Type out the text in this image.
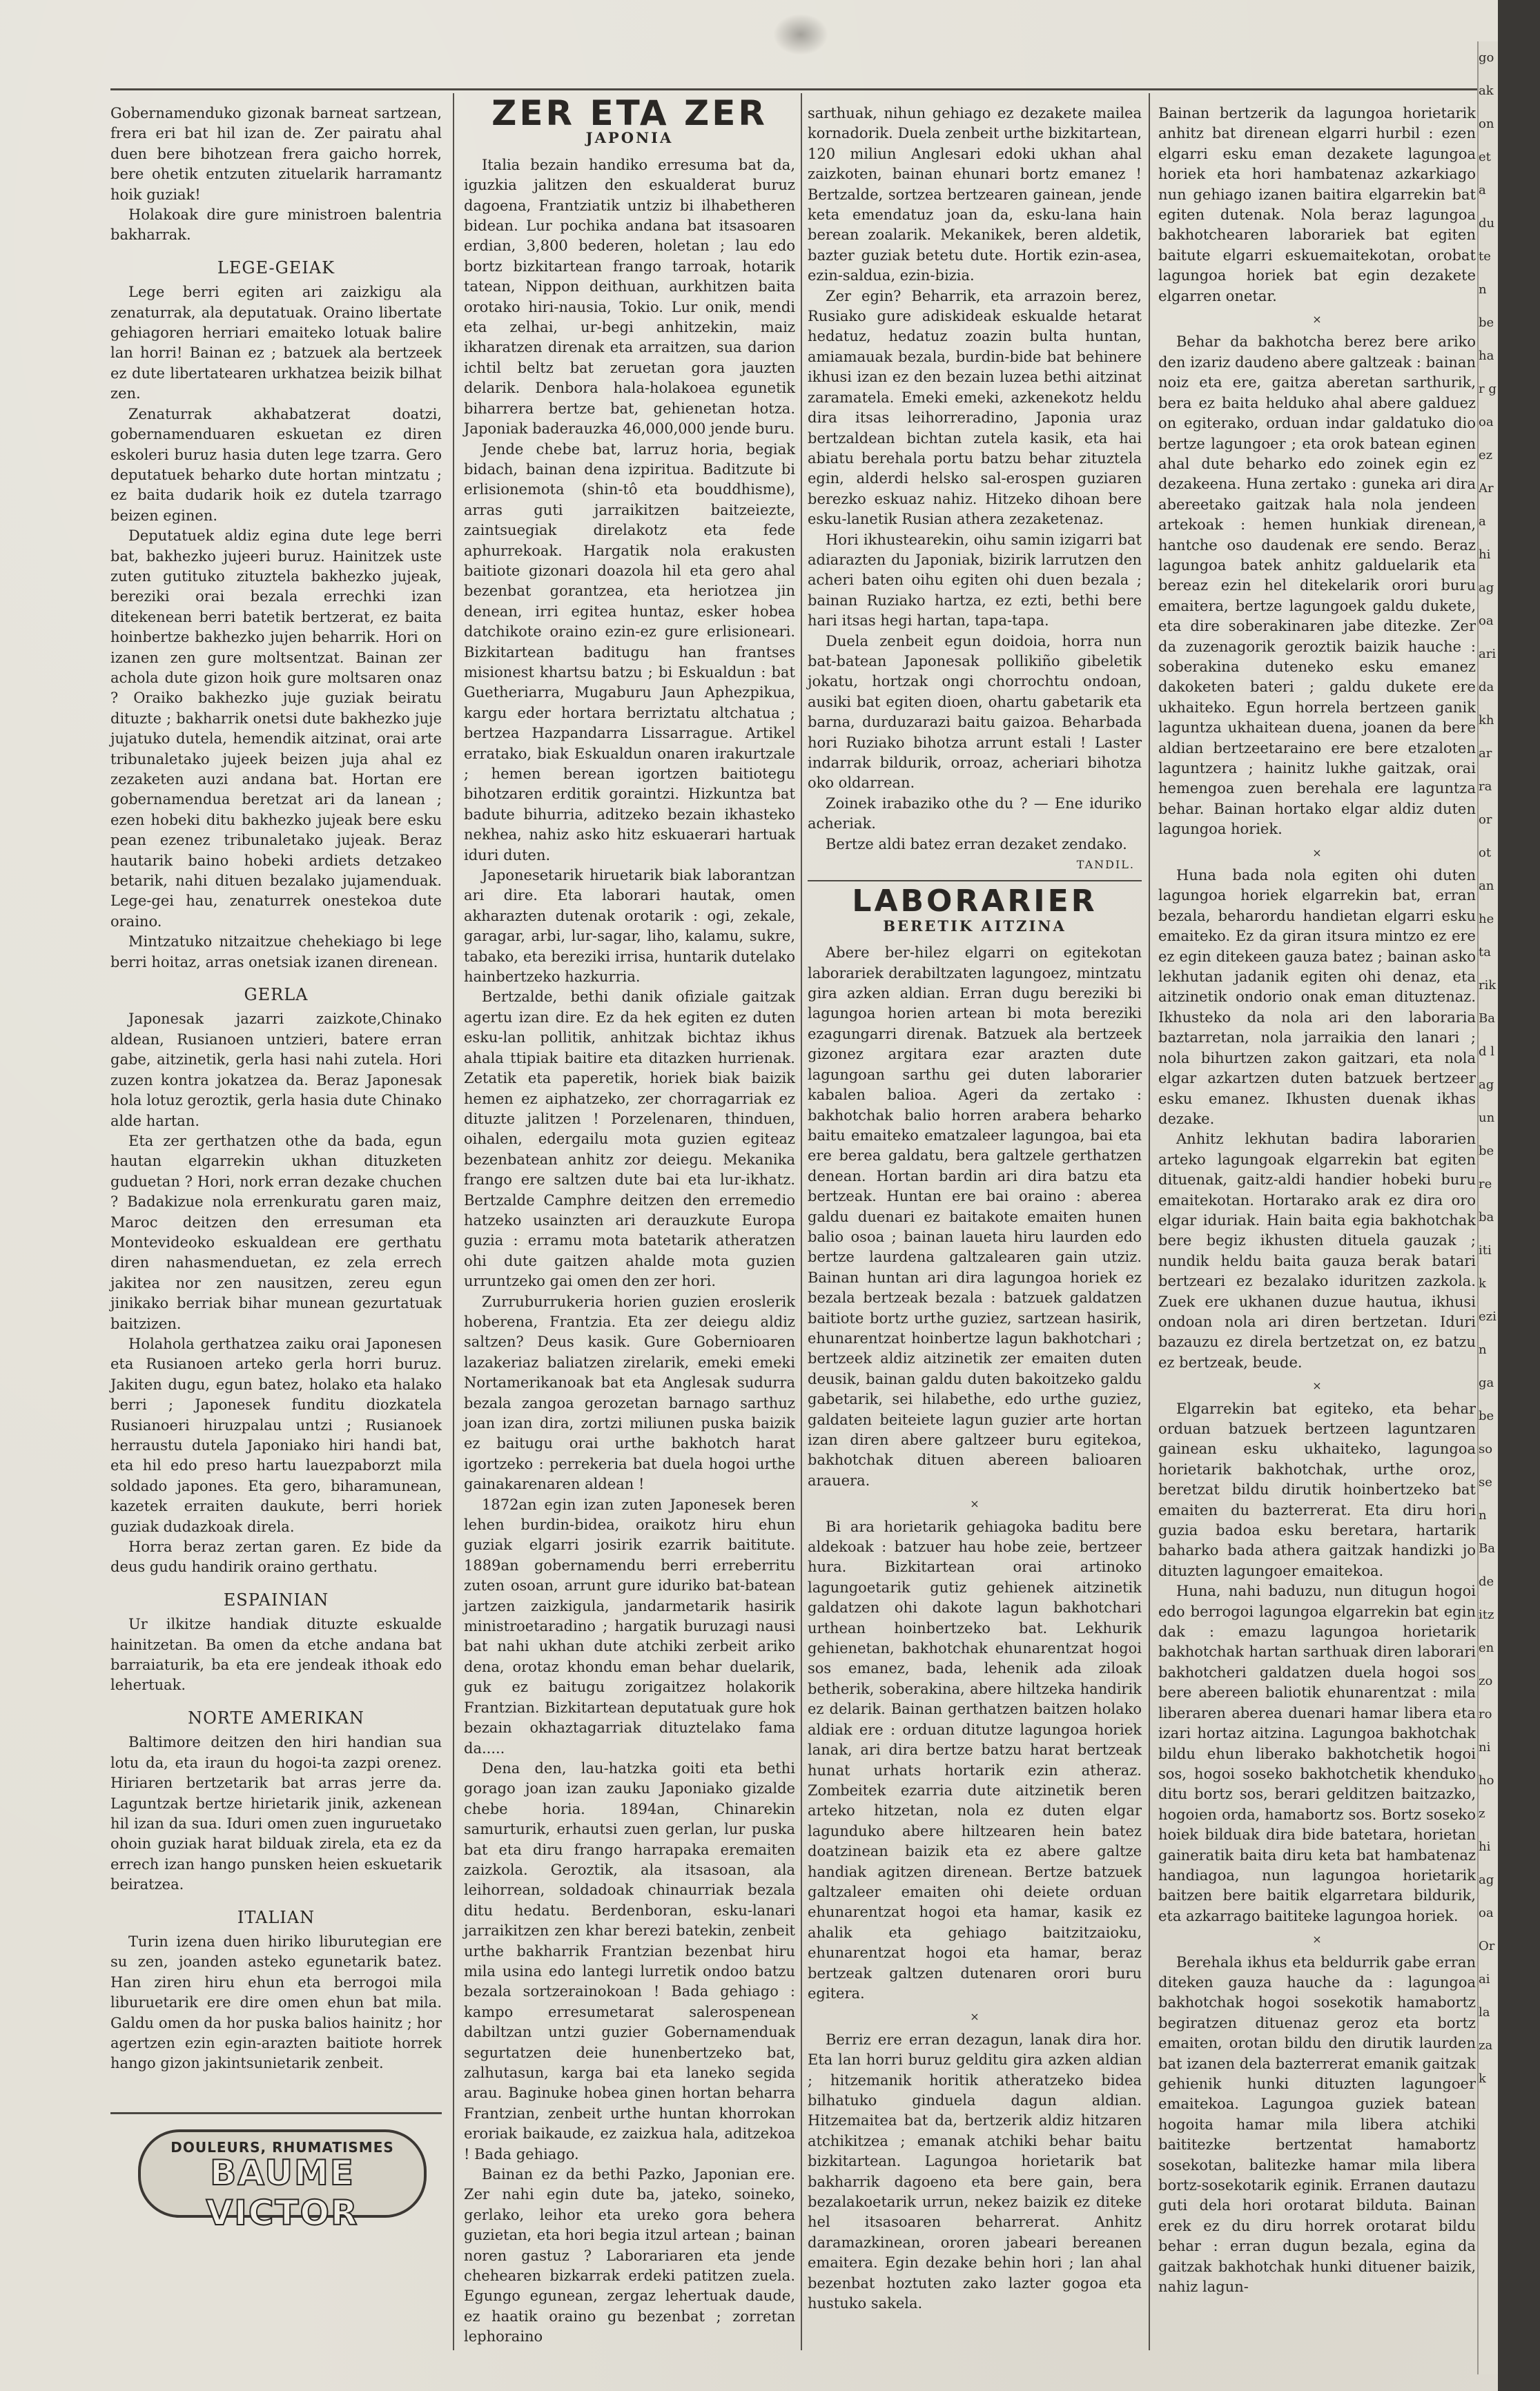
Gobernamenduko gizonak barneat sartzean, frera eri bat hil izan de. Zer pairatu ahal duen bere bihotzean frera gaicho horrek, bere ohetik entzuten zituelarik harramantz hoik guziak!

Holakoak dire gure ministroen balentria bakharrak.

LEGE-GEIAK

Lege berri egiten ari zaizkigu ala zenaturrak, ala deputatuak. Oraino libertate gehiagoren herriari emaiteko lotuak balire lan horri! Bainan ez ; batzuek ala bertzeek ez dute libertatearen urkhatzea beizik bilhat zen.

Zenaturrak akhabatzerat doatzi, gobernamenduaren eskuetan ez diren eskoleri buruz hasia duten lege tzarra. Gero deputatuek beharko dute hortan mintzatu ; ez baita dudarik hoik ez dutela tzarrago beizen eginen.

Deputatuek aldiz egina dute lege berri bat, bakhezko jujeeri buruz. Hainitzek uste zuten gutituko zituztela bakhezko jujeak, bereziki orai bezala errechki izan ditekenean berri batetik bertzerat, ez baita hoinbertze bakhezko jujen beharrik. Hori on izanen zen gure moltsentzat. Bainan zer achola dute gizon hoik gure moltsaren onaz ? Oraiko bakhezko juje guziak beiratu dituzte ; bakharrik onetsi dute bakhezko juje jujatuko dutela, hemendik aitzinat, orai arte tribunaletako jujeek beizen juja ahal ez zezaketen auzi andana bat. Hortan ere gobernamendua beretzat ari da lanean ; ezen hobeki ditu bakhezko jujeak bere esku pean ezenez tribunaletako jujeak. Beraz hautarik baino hobeki ardiets detzakeo betarik, nahi dituen bezalako jujamenduak. Lege-gei hau, zenaturrek onestekoa dute oraino.

Mintzatuko nitzaitzue chehekiago bi lege berri hoitaz, arras onetsiak izanen direnean.

GERLA

Japonesak jazarri zaizkote,Chinako aldean, Rusianoen untzieri, batere erran gabe, aitzinetik, gerla hasi nahi zutela. Hori zuzen kontra jokatzea da. Beraz Japonesak hola lotuz geroztik, gerla hasia dute Chinako alde hartan.

Eta zer gerthatzen othe da bada, egun hautan elgarrekin ukhan dituzketen guduetan ? Hori, nork erran dezake chuchen ? Badakizue nola errenkuratu garen maiz, Maroc deitzen den erresuman eta Montevideoko eskualdean ere gerthatu diren nahasmenduetan, ez zela errech jakitea nor zen nausitzen, zereu egun jinikako berriak bihar munean gezurtatuak baitzizen.

Holahola gerthatzea zaiku orai Japonesen eta Rusianoen arteko gerla horri buruz. Jakiten dugu, egun batez, holako eta halako berri ; Japonesek funditu diozkatela Rusianoeri hiruzpalau untzi ; Rusianoek herraustu dutela Japoniako hiri handi bat, eta hil edo preso hartu lauezpaborzt mila soldado japones. Eta gero, biharamunean, kazetek erraiten daukute, berri horiek guziak dudazkoak direla.

Horra beraz zertan garen. Ez bide da deus gudu handirik oraino gerthatu.

ESPAINIAN

Ur ilkitze handiak dituzte eskualde hainitzetan. Ba omen da etche andana bat barraiaturik, ba eta ere jendeak ithoak edo lehertuak.

NORTE AMERIKAN

Baltimore deitzen den hiri handian sua lotu da, eta iraun du hogoi-ta zazpi orenez. Hiriaren bertzetarik bat arras jerre da. Laguntzak bertze hirietarik jinik, azkenean hil izan da sua. Iduri omen zuen inguruetako ohoin guziak harat bilduak zirela, eta ez da errech izan hango punsken heien eskuetarik beiratzea.

ITALIAN

Turin izena duen hiriko liburutegian ere su zen, joanden asteko egunetarik batez. Han ziren hiru ehun eta berrogoi mila liburuetarik ere dire omen ehun bat mila. Galdu omen da hor puska balios hainitz ; hor agertzen ezin egin-arazten baitiote horrek hango gizon jakintsunietarik zenbeit.

DOULEURS, RHUMATISMES
BAUME VICTOR
ZER ETA ZER
JAPONIA

Italia bezain handiko erresuma bat da, iguzkia jalitzen den eskualderat buruz dagoena, Frantziatik untziz bi ilhabetheren bidean. Lur pochika andana bat itsasoaren erdian, 3,800 bederen, holetan ; lau edo bortz bizkitartean frango tarroak, hotarik tatean, Nippon deithuan, aurkhitzen baita orotako hiri-nausia, Tokio. Lur onik, mendi eta zelhai, ur-begi anhitzekin, maiz ikharatzen direnak eta arraitzen, sua darion ichtil beltz bat zeruetan gora jauzten delarik. Denbora hala-holakoea egunetik biharrera bertze bat, gehienetan hotza. Japoniak baderauzka 46,000,000 jende buru.

Jende chebe bat, larruz horia, begiak bidach, bainan dena izpiritua. Baditzute bi erlisionemota (shin-tô eta bouddhisme), arras guti jarraikitzen baitzeiezte, zaintsuegiak direlakotz eta fede aphurrekoak. Hargatik nola erakusten baitiote gizonari doazola hil eta gero ahal bezenbat gorantzea, eta heriotzea jin denean, irri egitea huntaz, esker hobea datchikote oraino ezin-ez gure erlisioneari. Bizkitartean baditugu han frantses misionest khartsu batzu ; bi Eskualdun : bat Guetheriarra, Mugaburu Jaun Aphezpikua, kargu eder hortara berriztatu altchatua ; bertzea Hazpandarra Lissarrague. Artikel erratako, biak Eskualdun onaren irakurtzale ; hemen berean igortzen baitiotegu bihotzaren erditik goraintzi. Hizkuntza bat badute bihurria, aditzeko bezain ikhasteko nekhea, nahiz asko hitz eskuaerari hartuak iduri duten.

Japonesetarik hiruetarik biak laborantzan ari dire. Eta laborari hautak, omen akharazten dutenak orotarik : ogi, zekale, garagar, arbi, lur-sagar, liho, kalamu, sukre, tabako, eta bereziki irrisa, huntarik dutelako hainbertzeko hazkurria.

Bertzalde, bethi danik ofiziale gaitzak agertu izan dire. Ez da hek egiten ez duten esku-lan pollitik, anhitzak bichtaz ikhus ahala ttipiak baitire eta ditazken hurrienak. Zetatik eta paperetik, horiek biak baizik hemen ez aiphatzeko, zer chorragarriak ez dituzte jalitzen ! Porzelenaren, thinduen, oihalen, edergailu mota guzien egiteaz bezenbatean anhitz zor deiegu. Mekanika frango ere saltzen dute bai eta lur-ikhatz. Bertzalde Camphre deitzen den erremedio hatzeko usainzten ari derauzkute Europa guzia : erramu mota batetarik atheratzen ohi dute gaitzen ahalde mota guzien urruntzeko gai omen den zer hori.

Zurruburrukeria horien guzien eroslerik hoberena, Frantzia. Eta zer deiegu aldiz saltzen? Deus kasik. Gure Gobernioaren lazakeriaz baliatzen zirelarik, emeki emeki Nortamerikanoak bat eta Anglesak sudurra bezala zangoa gerozetan barnago sarthuz joan izan dira, zortzi miliunen puska baizik ez baitugu orai urthe bakhotch harat igortzeko : perrekeria bat duela hogoi urthe gainakarenaren aldean !

1872an egin izan zuten Japonesek beren lehen burdin-bidea, oraikotz hiru ehun guziak elgarri josirik ezarrik baititute. 1889an gobernamendu berri erreberritu zuten osoan, arrunt gure iduriko bat-batean jartzen zaizkigula, jandarmetarik hasirik ministroetaradino ; hargatik buruzagi nausi bat nahi ukhan dute atchiki zerbeit ariko dena, orotaz khondu eman behar duelarik, guk ez baitugu zorigaitzez holakorik Frantzian. Bizkitartean deputatuak gure hok bezain okhaztagarriak dituztelako fama da.....

Dena den, lau-hatzka goiti eta bethi gorago joan izan zauku Japoniako gizalde chebe horia. 1894an, Chinarekin samurturik, erhautsi zuen gerlan, lur puska bat eta diru frango harrapaka eremaiten zaizkola. Geroztik, ala itsasoan, ala leihorrean, soldadoak chinaurriak bezala ditu hedatu. Berdenboran, esku-lanari jarraikitzen zen khar berezi batekin, zenbeit urthe bakharrik Frantzian bezenbat hiru mila usina edo lantegi lurretik ondoo batzu bezala sortzerainokoan ! Bada gehiago : kampo erresumetarat salerospenean dabiltzan untzi guzier Gobernamenduak segurtatzen deie hunenbertzeko bat, zalhutasun, karga bai eta laneko segida arau. Baginuke hobea ginen hortan beharra Frantzian, zenbeit urthe huntan khorrokan eroriak baikaude, ez zaizkua hala, aditzekoa ! Bada gehiago.

Bainan ez da bethi Pazko, Japonian ere. Zer nahi egin dute ba, jateko, soineko, gerlako, leihor eta ureko gora behera guzietan, eta hori begia itzul artean ; bainan noren gastuz ? Laborariaren eta jende chehearen bizkarrak erdeki patitzen zuela. Egungo egunean, zergaz lehertuak daude, ez haatik oraino gu bezenbat ; zorretan lephoraino

sarthuak, nihun gehiago ez dezakete mailea kornadorik. Duela zenbeit urthe bizkitartean, 120 miliun Anglesari edoki ukhan ahal zaizkoten, bainan ehunari bortz emanez ! Bertzalde, sortzea bertzearen gainean, jende keta emendatuz joan da, esku-lana hain berean zoalarik. Mekanikek, beren aldetik, bazter guziak betetu dute. Hortik ezin-asea, ezin-saldua, ezin-bizia.

Zer egin? Beharrik, eta arrazoin berez, Rusiako gure adiskideak eskualde hetarat hedatuz, hedatuz zoazin bulta huntan, amiamauak bezala, burdin-bide bat behinere ikhusi izan ez den bezain luzea bethi aitzinat zaramatela. Emeki emeki, azkenekotz heldu dira itsas leihorreradino, Japonia uraz bertzaldean bichtan zutela kasik, eta hai abiatu berehala portu batzu behar zituztela egin, alderdi helsko sal-erospen guziaren berezko eskuaz nahiz. Hitzeko dihoan bere esku-lanetik Rusian athera zezaketenaz.

Hori ikhustearekin, oihu samin izigarri bat adiarazten du Japoniak, bizirik larrutzen den acheri baten oihu egiten ohi duen bezala ; bainan Ruziako hartza, ez ezti, bethi bere hari itsas hegi hartan, tapa-tapa.

Duela zenbeit egun doidoia, horra nun bat-batean Japonesak pollikiño gibeletik jokatu, hortzak ongi chorrochtu ondoan, ausiki bat egiten dioen, ohartu gabetarik eta barna, durduzarazi baitu gaizoa. Beharbada hori Ruziako bihotza arrunt estali ! Laster indarrak bildurik, orroaz, acheriari bihotza oko oldarrean.

Zoinek irabaziko othe du ? — Ene iduriko acheriak.

Bertze aldi batez erran dezaket zendako.

TANDIL.
LABORARIER
BERETIK AITZINA

Abere ber-hilez elgarri on egitekotan laborariek derabiltzaten lagungoez, mintzatu gira azken aldian. Erran dugu bereziki bi lagungoa horien artean bi mota bereziki ezagungarri direnak. Batzuek ala bertzeek gizonez argitara ezar arazten dute lagungoan sarthu gei duten laborarier kabalen balioa. Ageri da zertako : bakhotchak balio horren arabera beharko baitu emaiteko ematzaleer lagungoa, bai eta ere berea galdatu, bera galtzele gerthatzen denean. Hortan bardin ari dira batzu eta bertzeak. Huntan ere bai oraino : aberea galdu duenari ez baitakote emaiten hunen balio osoa ; bainan laueta hiru laurden edo bertze laurdena galtzalearen gain utziz. Bainan huntan ari dira lagungoa horiek ez bezala bertzeak bezala : batzuek galdatzen baitiote bortz urthe guziez, sartzean hasirik, ehunarentzat hoinbertze lagun bakhotchari ; bertzeek aldiz aitzinetik zer emaiten duten deusik, bainan galdu duten bakoitzeko galdu gabetarik, sei hilabethe, edo urthe guziez, galdaten beiteiete lagun guzier arte hortan izan diren abere galtzeer buru egitekoa, bakhotchak dituen abereen balioaren arauera.

×

Bi ara horietarik gehiagoka baditu bere aldekoak : batzuer hau hobe zeie, bertzeer hura. Bizkitartean orai artinoko lagungoetarik gutiz gehienek aitzinetik galdatzen ohi dakote lagun bakhotchari urthean hoinbertzeko bat. Lekhurik gehienetan, bakhotchak ehunarentzat hogoi sos emanez, bada, lehenik ada ziloak betherik, soberakina, abere hiltzeka handirik ez delarik. Bainan gerthatzen baitzen holako aldiak ere : orduan ditutze lagungoa horiek lanak, ari dira bertze batzu harat bertzeak hunat urhats hortarik ezin atheraz. Zombeitek ezarria dute aitzinetik beren arteko hitzetan, nola ez duten elgar lagunduko abere hiltzearen hein batez doatzinean baizik eta ez abere galtze handiak agitzen direnean. Bertze batzuek galtzaleer emaiten ohi deiete orduan ehunarentzat hogoi eta hamar, kasik ez ahalik eta gehiago baitzitzaioku, ehunarentzat hogoi eta hamar, beraz bertzeak galtzen dutenaren orori buru egitera.

×

Berriz ere erran dezagun, lanak dira hor. Eta lan horri buruz gelditu gira azken aldian ; hitzemanik horitik atheratzeko bidea bilhatuko ginduela dagun aldian. Hitzemaitea bat da, bertzerik aldiz hitzaren atchikitzea ; emanak atchiki behar baitu bizkitartean. Lagungoa horietarik bat bakharrik dagoeno eta bere gain, bera bezalakoetarik urrun, nekez baizik ez diteke hel itsasoaren beharrerat. Anhitz daramazkinean, ororen jabeari bereanen emaitera. Egin dezake behin hori ; lan ahal bezenbat hoztuten zako lazter gogoa eta hustuko sakela.

Bainan bertzerik da lagungoa horietarik anhitz bat direnean elgarri hurbil : ezen elgarri esku eman dezakete lagungoa horiek eta hori hambatenaz azkarkiago nun gehiago izanen baitira elgarrekin bat egiten dutenak. Nola beraz lagungoa bakhotchearen laborariek bat egiten baitute elgarri eskuemaitekotan, orobat lagungoa horiek bat egin dezakete elgarren onetar.

×

Behar da bakhotcha berez bere ariko den izariz daudeno abere galtzeak : bainan noiz eta ere, gaitza aberetan sarthurik, bera ez baita helduko ahal abere galduez on egiterako, orduan indar galdatuko dio bertze lagungoer ; eta orok batean eginen ahal dute beharko edo zoinek egin ez dezakeena. Huna zertako : guneka ari dira abereetako gaitzak hala nola jendeen artekoak : hemen hunkiak direnean, hantche oso daudenak ere sendo. Beraz lagungoa batek anhitz galduelarik eta bereaz ezin hel ditekelarik orori buru emaitera, bertze lagungoek galdu dukete, eta dire soberakinaren jabe ditezke. Zer da zuzenagorik geroztik baizik hauche : soberakina duteneko esku emanez dakoketen bateri ; galdu dukete ere ukhaiteko. Egun horrela bertzeen ganik laguntza ukhaitean duena, joanen da bere aldian bertzeetaraino ere bere etzaloten laguntzera ; hainitz lukhe gaitzak, orai hemengoa zuen berehala ere laguntza behar. Bainan hortako elgar aldiz duten lagungoa horiek.

×

Huna bada nola egiten ohi duten lagungoa horiek elgarrekin bat, erran bezala, beharordu handietan elgarri esku emaiteko. Ez da giran itsura mintzo ez ere ez egin ditekeen gauza batez ; bainan asko lekhutan jadanik egiten ohi denaz, eta aitzinetik ondorio onak eman dituztenaz. Ikhusteko da nola ari den laboraria baztarretan, nola jarraikia den lanari ; nola bihurtzen zakon gaitzari, eta nola elgar azkartzen duten batzuek bertzeer esku emanez. Ikhusten duenak ikhas dezake.

Anhitz lekhutan badira laborarien arteko lagungoak elgarrekin bat egiten dituenak, gaitz-aldi handier hobeki buru emaitekotan. Hortarako arak ez dira oro elgar iduriak. Hain baita egia bakhotchak bere begiz ikhusten dituela gauzak ; nundik heldu baita gauza berak batari bertzeari ez bezalako iduritzen zazkola. Zuek ere ukhanen duzue hautua, ikhusi ondoan nola ari diren bertzetan. Iduri bazauzu ez direla bertzetzat on, ez batzu ez bertzeak, beude.

×

Elgarrekin bat egiteko, eta behar orduan batzuek bertzeen laguntzaren gainean esku ukhaiteko, lagungoa horietarik bakhotchak, urthe oroz, beretzat bildu dirutik hoinbertzeko bat emaiten du bazterrerat. Eta diru hori guzia badoa esku beretara, hartarik baharko bada athera gaitzak handizki jo dituzten lagungoer emaitekoa.

Huna, nahi baduzu, nun ditugun hogoi edo berrogoi lagungoa elgarrekin bat egin dak : emazu lagungoa horietarik bakhotchak hartan sarthuak diren laborari bakhotcheri galdatzen duela hogoi sos bere abereen baliotik ehunarentzat : mila liberaren aberea duenari hamar libera eta izari hortaz aitzina. Lagungoa bakhotchak bildu ehun liberako bakhotchetik hogoi sos, hogoi soseko bakhotchetik khenduko ditu bortz sos, berari gelditzen baitzazko, hogoien orda, hamabortz sos. Bortz soseko hoiek bilduak dira bide batetara, horietan gaineratik baita diru keta bat hambatenaz handiagoa, nun lagungoa horietarik baitzen bere baitik elgarretara bildurik, eta azkarrago baititeke lagungoa horiek.

×

Berehala ikhus eta beldurrik gabe erran diteken gauza hauche da : lagungoa bakhotchak hogoi sosekotik hamabortz begiratzen dituenaz geroz eta bortz emaiten, orotan bildu den dirutik laurden bat izanen dela bazterrerat emanik gaitzak gehienik hunki dituzten lagungoer emaitekoa. Lagungoa guziek batean hogoita hamar mila libera atchiki baititezke bertzentat hamabortz sosekotan, balitezke hamar mila libera bortz-sosekotarik eginik. Erranen dautazu guti dela hori orotarat bilduta. Bainan erek ez du diru horrek orotarat bildu behar : erran dugun bezala, egina da gaitzak bakhotchak hunki dituener baizik, nahiz lagun-

goak oneta duten behar goa ez Ara hiagoa ari da kharra orotan hetarik Bad lagun bere baitik ezin gabe sosen Ba deitzen zoro nihoz hiagoa Orai la zak
